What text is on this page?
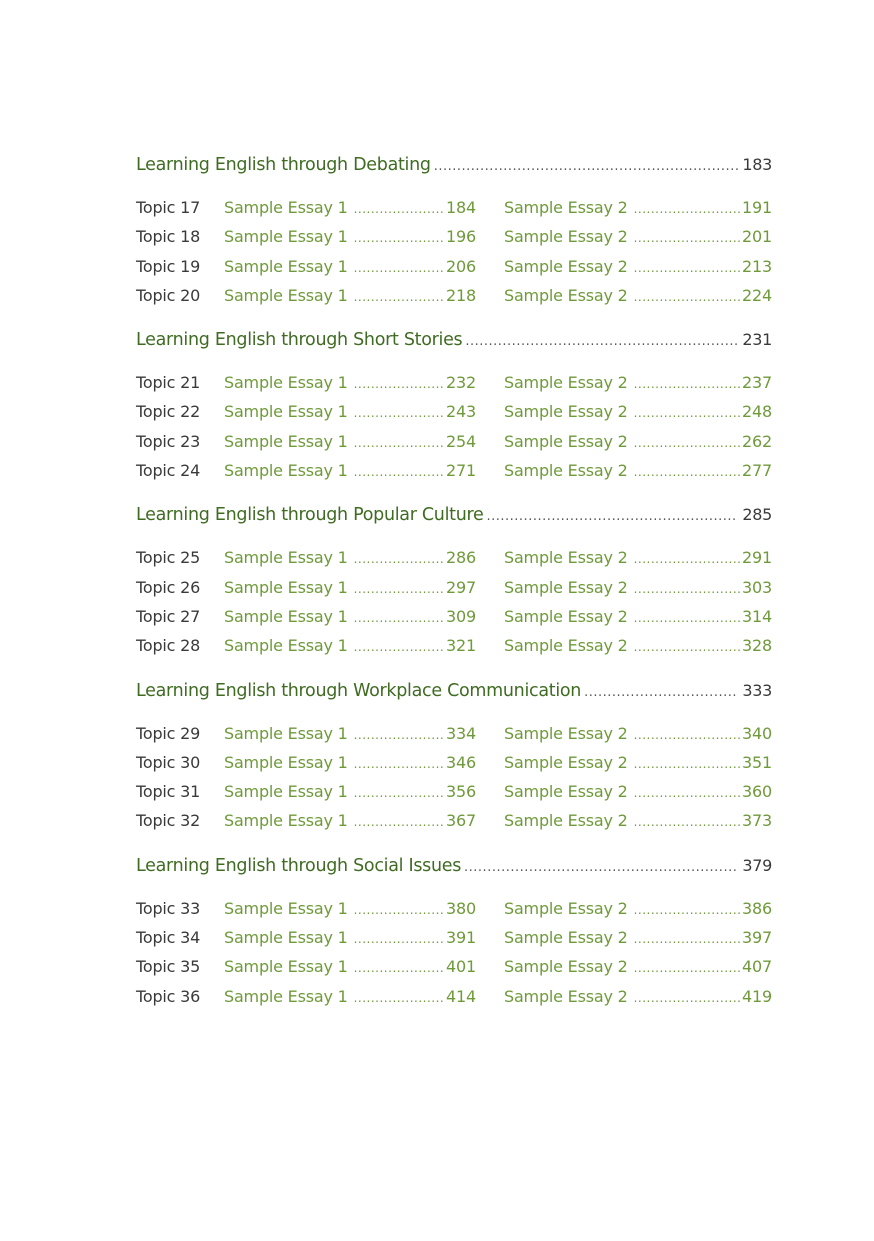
Learning English through Debating .....	183
Topic 17	Sample Essay 1 .....	184 Sample Essay 2 .....	191
Topic 18	Sample Essay 1 .....	196 Sample Essay 2 .....	201
Topic 19	Sample Essay 1 .....	206 Sample Essay 2 .....	213
Topic 20	Sample Essay 1 .....	218 Sample Essay 2 .....	224
Learning English through Short Stories .....	231
Topic 21	Sample Essay 1 .....	232 Sample Essay 2 .....	237
Topic 22	Sample Essay 1 .....	243 Sample Essay 2 .....	248
Topic 23	Sample Essay 1 .....	254 Sample Essay 2 .....	262
Topic 24	Sample Essay 1 .....	271 Sample Essay 2 .....	277
Learning English through Popular Culture .....	285
Topic 25	Sample Essay 1 .....	286 Sample Essay 2 .....	291
Topic 26	Sample Essay 1 .....	297 Sample Essay 2 .....	303
Topic 27	Sample Essay 1 .....	309 Sample Essay 2 .....	314
Topic 28	Sample Essay 1 .....	321 Sample Essay 2 .....	328
Learning English through Workplace Communication .....	333
Topic 29	Sample Essay 1 .....	334 Sample Essay 2 .....	340
Topic 30	Sample Essay 1 .....	346 Sample Essay 2 .....	351
Topic 31	Sample Essay 1 .....	356 Sample Essay 2 .....	360
Topic 32	Sample Essay 1 .....	367 Sample Essay 2 .....	373
Learning English through Social Issues .....	379
Topic 33	Sample Essay 1 .....	380 Sample Essay 2 .....	386
Topic 34	Sample Essay 1 .....	391 Sample Essay 2 .....	397
Topic 35	Sample Essay 1 .....	401 Sample Essay 2 .....	407
Topic 36	Sample Essay 1 .....	414 Sample Essay 2 .....	419
